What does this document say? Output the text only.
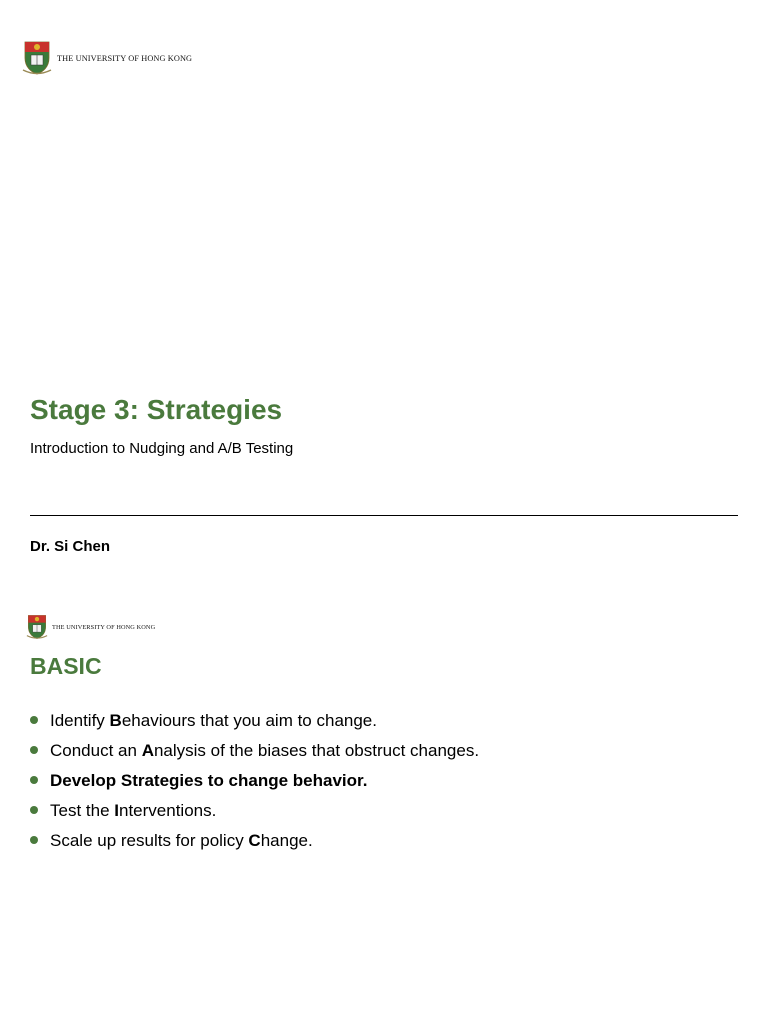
THE UNIVERSITY OF HONG KONG
Stage 3: Strategies
Introduction to Nudging and A/B Testing
Dr. Si Chen
THE UNIVERSITY OF HONG KONG
BASIC
Identify Behaviours that you aim to change.
Conduct an Analysis of the biases that obstruct changes.
Develop Strategies to change behavior.
Test the Interventions.
Scale up results for policy Change.
